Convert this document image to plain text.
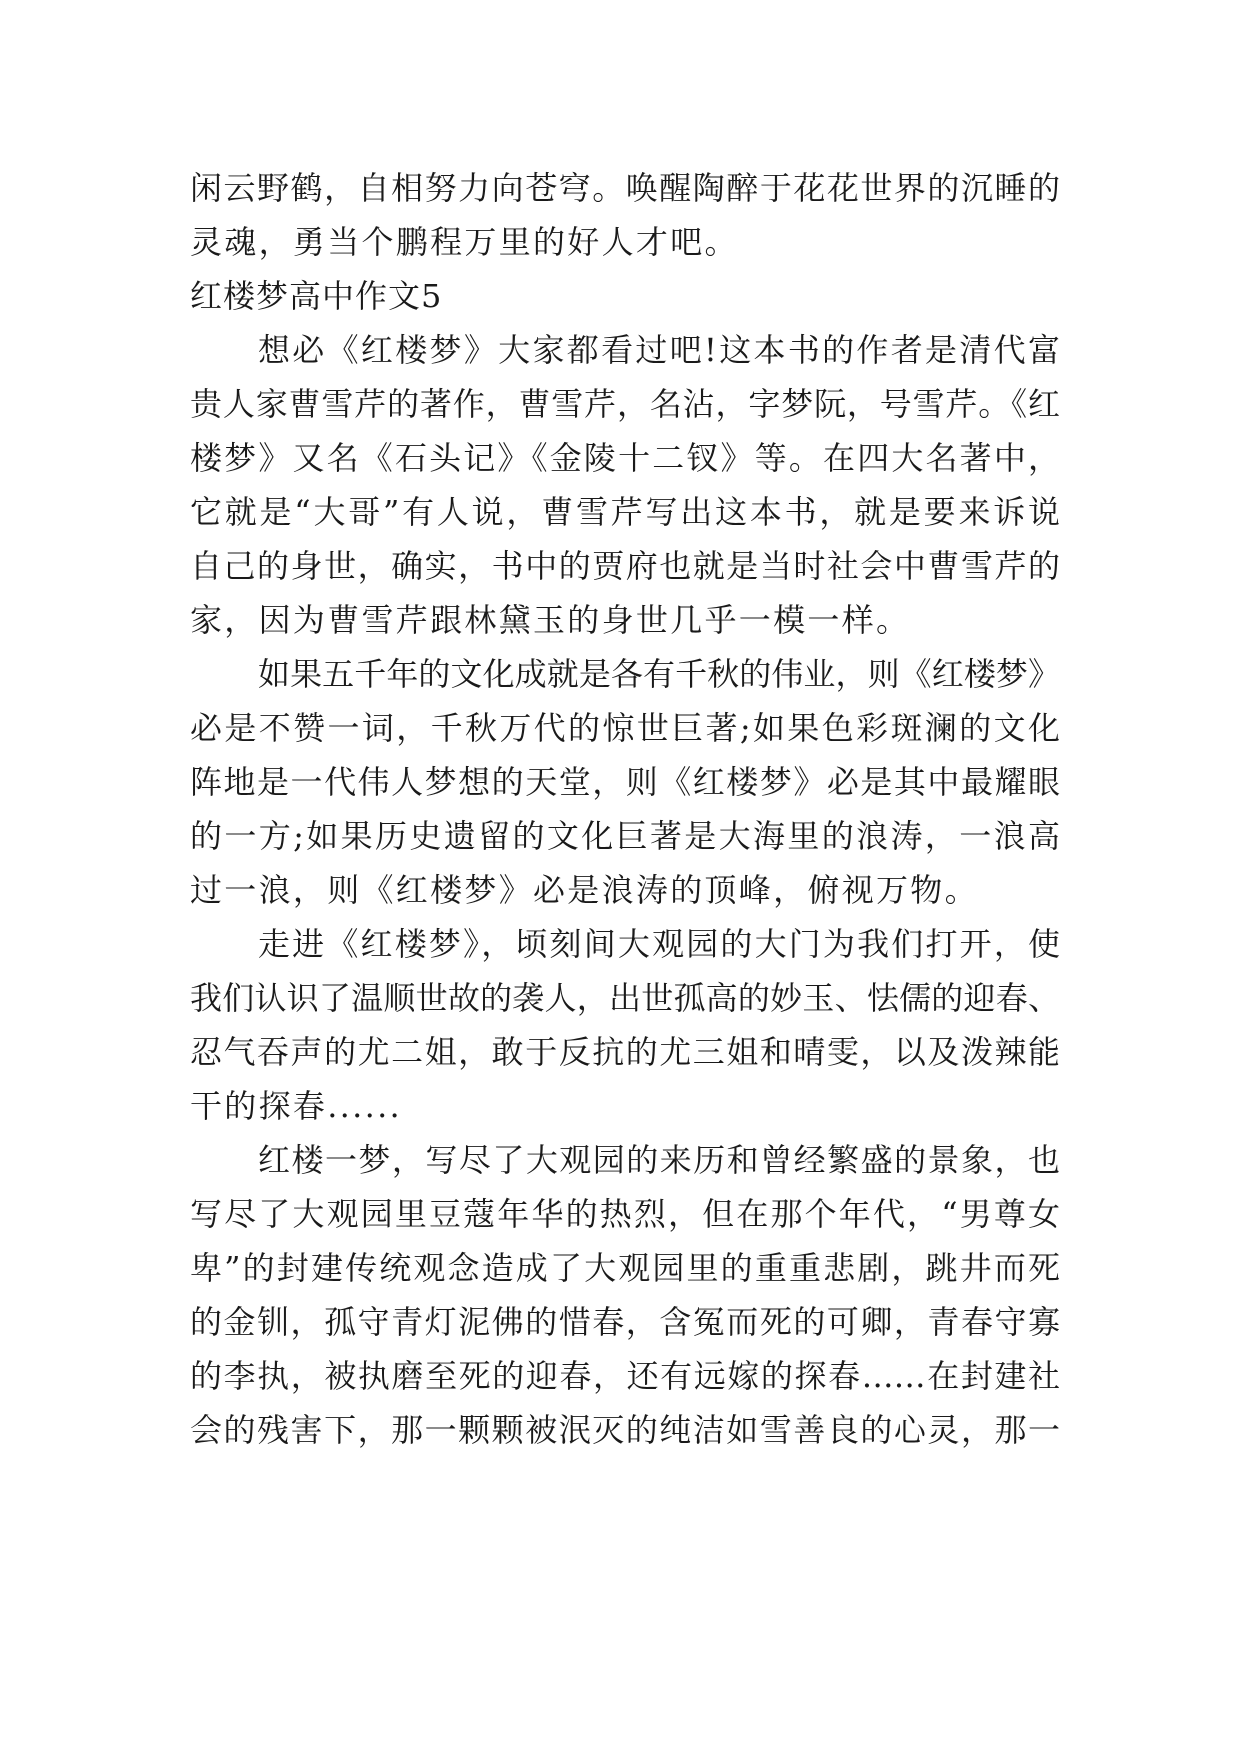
闲云野鹤，自相努力向苍穹。唤醒陶醉于花花世界的沉睡的
灵魂，勇当个鹏程万里的好人才吧。
红楼梦高中作文5
想必《红楼梦》大家都看过吧!这本书的作者是清代富
贵人家曹雪芹的著作，曹雪芹，名沾，字梦阮，号雪芹。《红
楼梦》又名《石头记》《金陵十二钗》等。在四大名著中，
它就是“大哥”有人说，曹雪芹写出这本书，就是要来诉说
自己的身世，确实，书中的贾府也就是当时社会中曹雪芹的
家，因为曹雪芹跟林黛玉的身世几乎一模一样。
如果五千年的文化成就是各有千秋的伟业，则《红楼梦》
必是不赞一词，千秋万代的惊世巨著;如果色彩斑澜的文化
阵地是一代伟人梦想的天堂，则《红楼梦》必是其中最耀眼
的一方;如果历史遗留的文化巨著是大海里的浪涛，一浪高
过一浪，则《红楼梦》必是浪涛的顶峰，俯视万物。
走进《红楼梦》，顷刻间大观园的大门为我们打开，使
我们认识了温顺世故的袭人，出世孤高的妙玉、怯儒的迎春、
忍气吞声的尤二姐，敢于反抗的尤三姐和晴雯，以及泼辣能
干的探春......
红楼一梦，写尽了大观园的来历和曾经繁盛的景象，也
写尽了大观园里豆蔻年华的热烈，但在那个年代，“男尊女
卑”的封建传统观念造成了大观园里的重重悲剧，跳井而死
的金钏，孤守青灯泥佛的惜春，含冤而死的可卿，青春守寡
的李执，被执磨至死的迎春，还有远嫁的探春……在封建社
会的残害下，那一颗颗被泯灭的纯洁如雪善良的心灵，那一
